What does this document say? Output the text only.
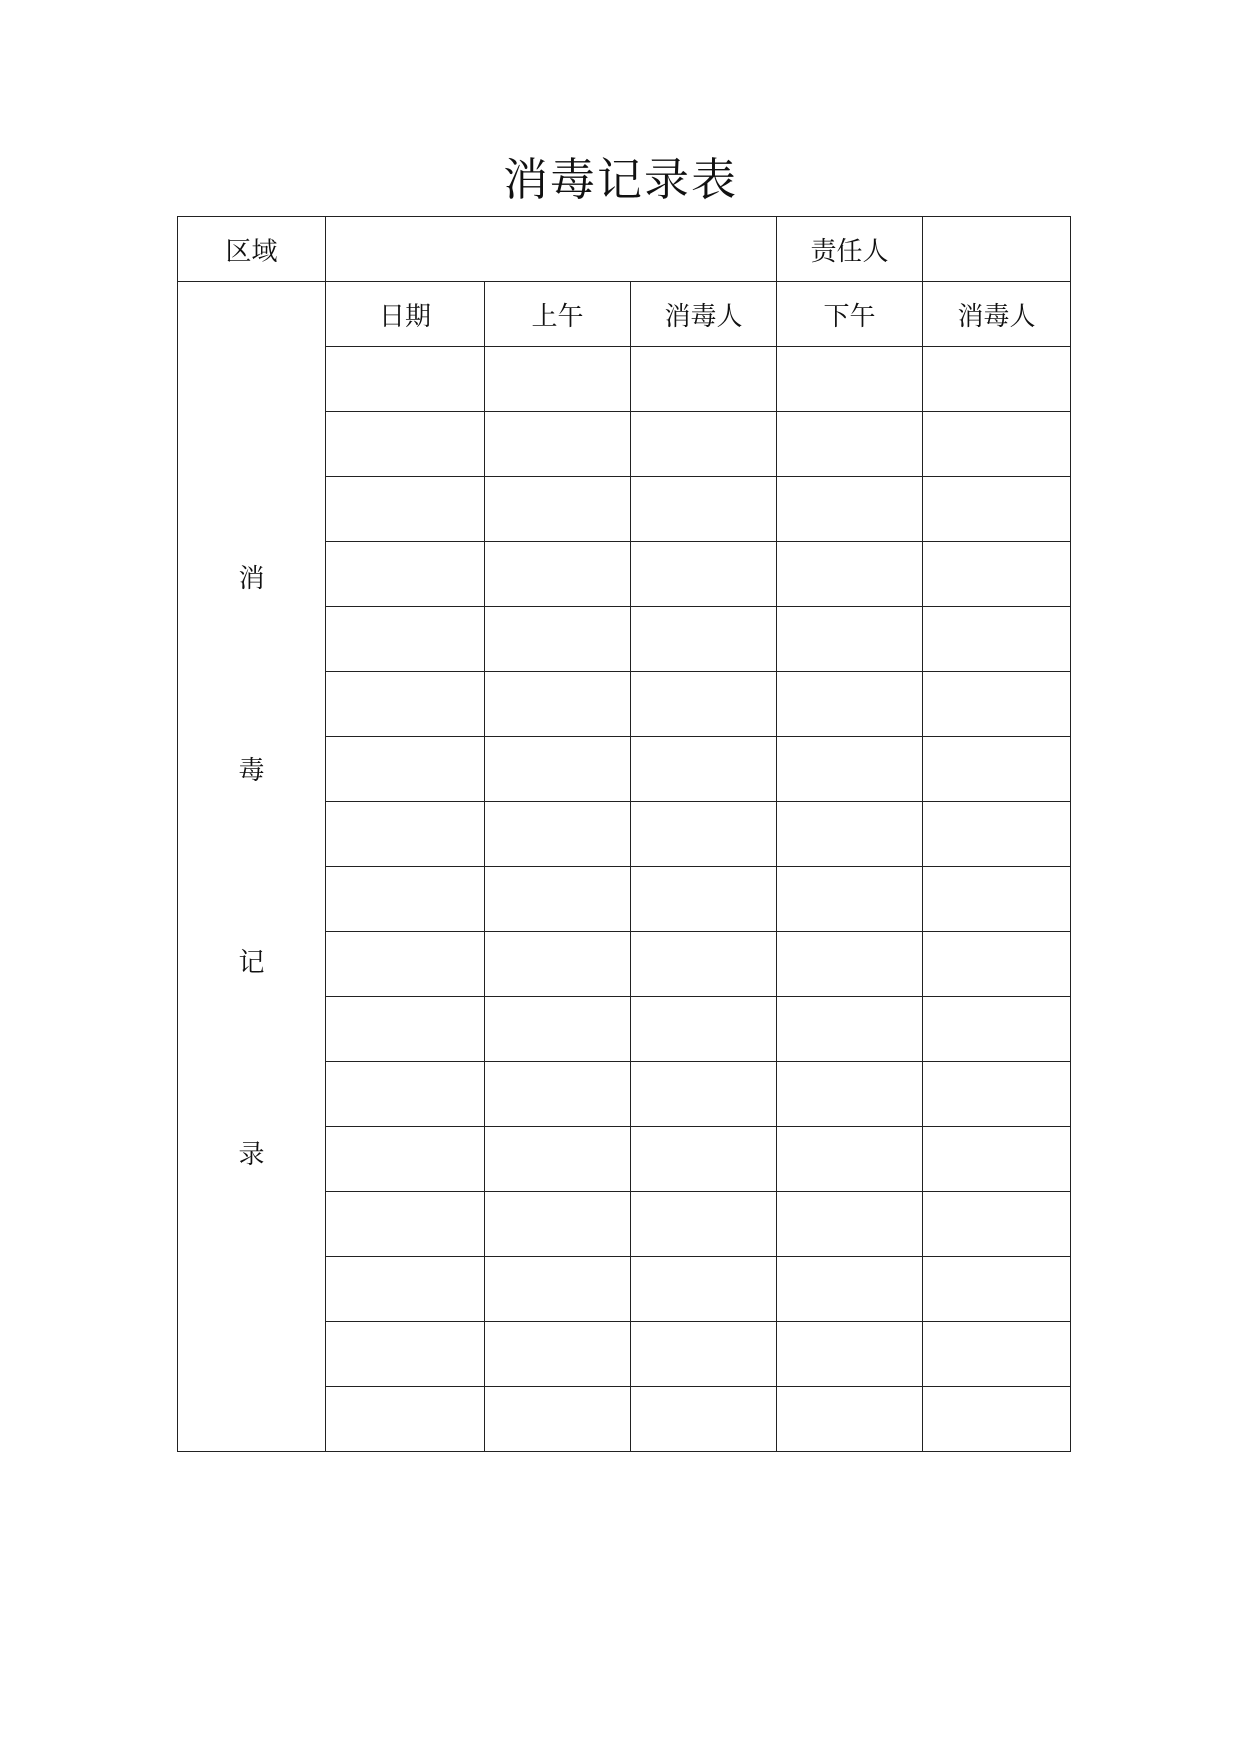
消毒记录表
区域				责任人	

消
毒
记
录	日期	上午	消毒人	下午	消毒人
